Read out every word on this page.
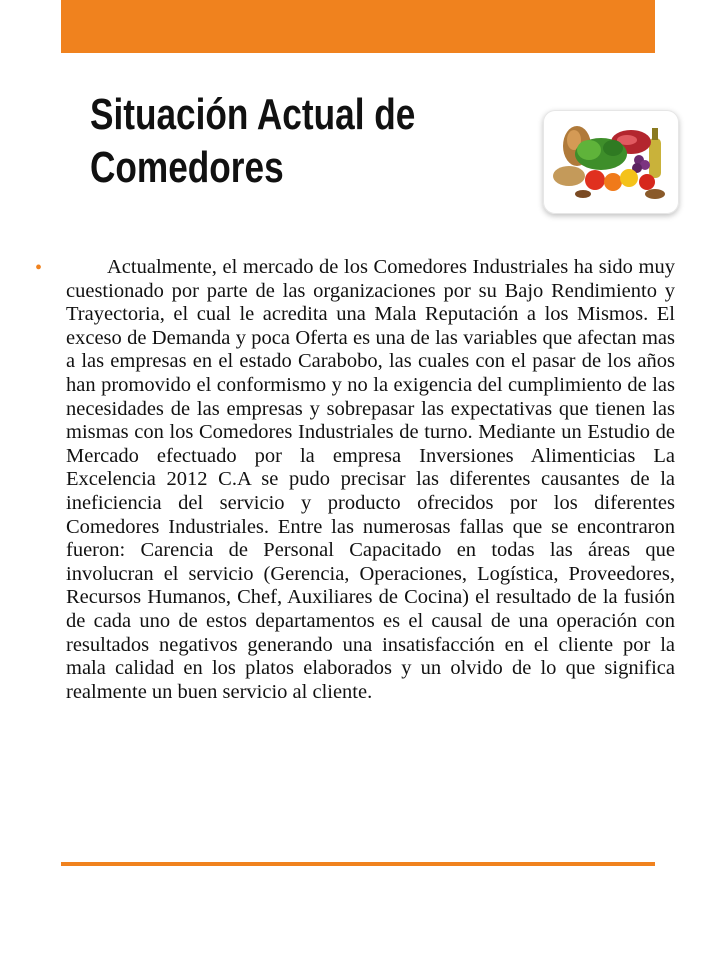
Situación Actual de
Comedores
•	Actualmente, el mercado de los Comedores Industriales ha sido muy cuestionado por parte de las organizaciones por su Bajo Rendimiento y Trayectoria, el cual le acredita una Mala Reputación a los Mismos. El exceso de Demanda y poca Oferta es una de las variables que afectan mas a las empresas en el estado Carabobo, las cuales con el pasar de los años han promovido el conformismo y no la exigencia del cumplimiento de las necesidades de las empresas y sobrepasar las expectativas que tienen las mismas con los Comedores Industriales de turno. Mediante un Estudio de Mercado efectuado por la empresa Inversiones Alimenticias La Excelencia 2012 C.A se pudo precisar las diferentes causantes de la ineficiencia del servicio y producto ofrecidos por los diferentes Comedores Industriales. Entre las numerosas fallas que se encontraron fueron: Carencia de Personal Capacitado en todas las áreas que involucran el servicio (Gerencia, Operaciones, Logística, Proveedores, Recursos Humanos, Chef, Auxiliares de Cocina) el resultado de la fusión de cada uno de estos departamentos es el causal de una operación con resultados negativos generando una insatisfacción en el cliente por la mala calidad en los platos elaborados y un olvido de lo que significa realmente un buen servicio al cliente.
